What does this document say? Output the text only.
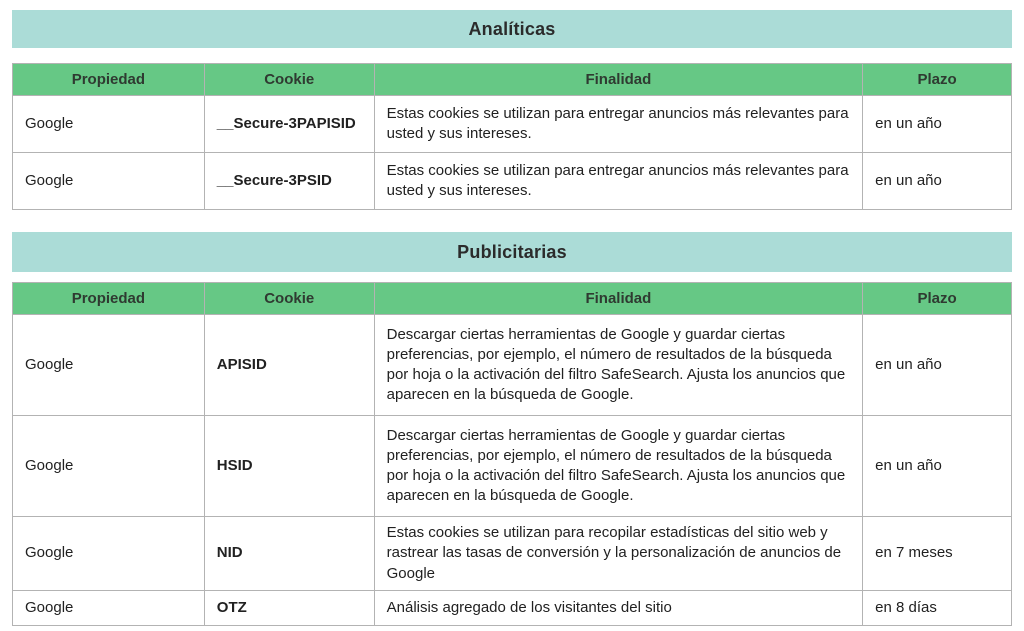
Analíticas
Propiedad	Cookie	Finalidad	Plazo
Google	__Secure-3PAPISID	Estas cookies se utilizan para entregar anuncios más relevantes para usted y sus intereses.	en un año
Google	__Secure-3PSID	Estas cookies se utilizan para entregar anuncios más relevantes para usted y sus intereses.	en un año
Publicitarias
Propiedad	Cookie	Finalidad	Plazo
Google	APISID	Descargar ciertas herramientas de Google y guardar ciertas preferencias, por ejemplo, el número de resultados de la búsqueda por hoja o la activación del filtro SafeSearch. Ajusta los anuncios que aparecen en la búsqueda de Google.	en un año
Google	HSID	Descargar ciertas herramientas de Google y guardar ciertas preferencias, por ejemplo, el número de resultados de la búsqueda por hoja o la activación del filtro SafeSearch. Ajusta los anuncios que aparecen en la búsqueda de Google.	en un año
Google	NID	Estas cookies se utilizan para recopilar estadísticas del sitio web y rastrear las tasas de conversión y la personalización de anuncios de Google	en 7 meses
Google	OTZ	Análisis agregado de los visitantes del sitio	en 8 días
